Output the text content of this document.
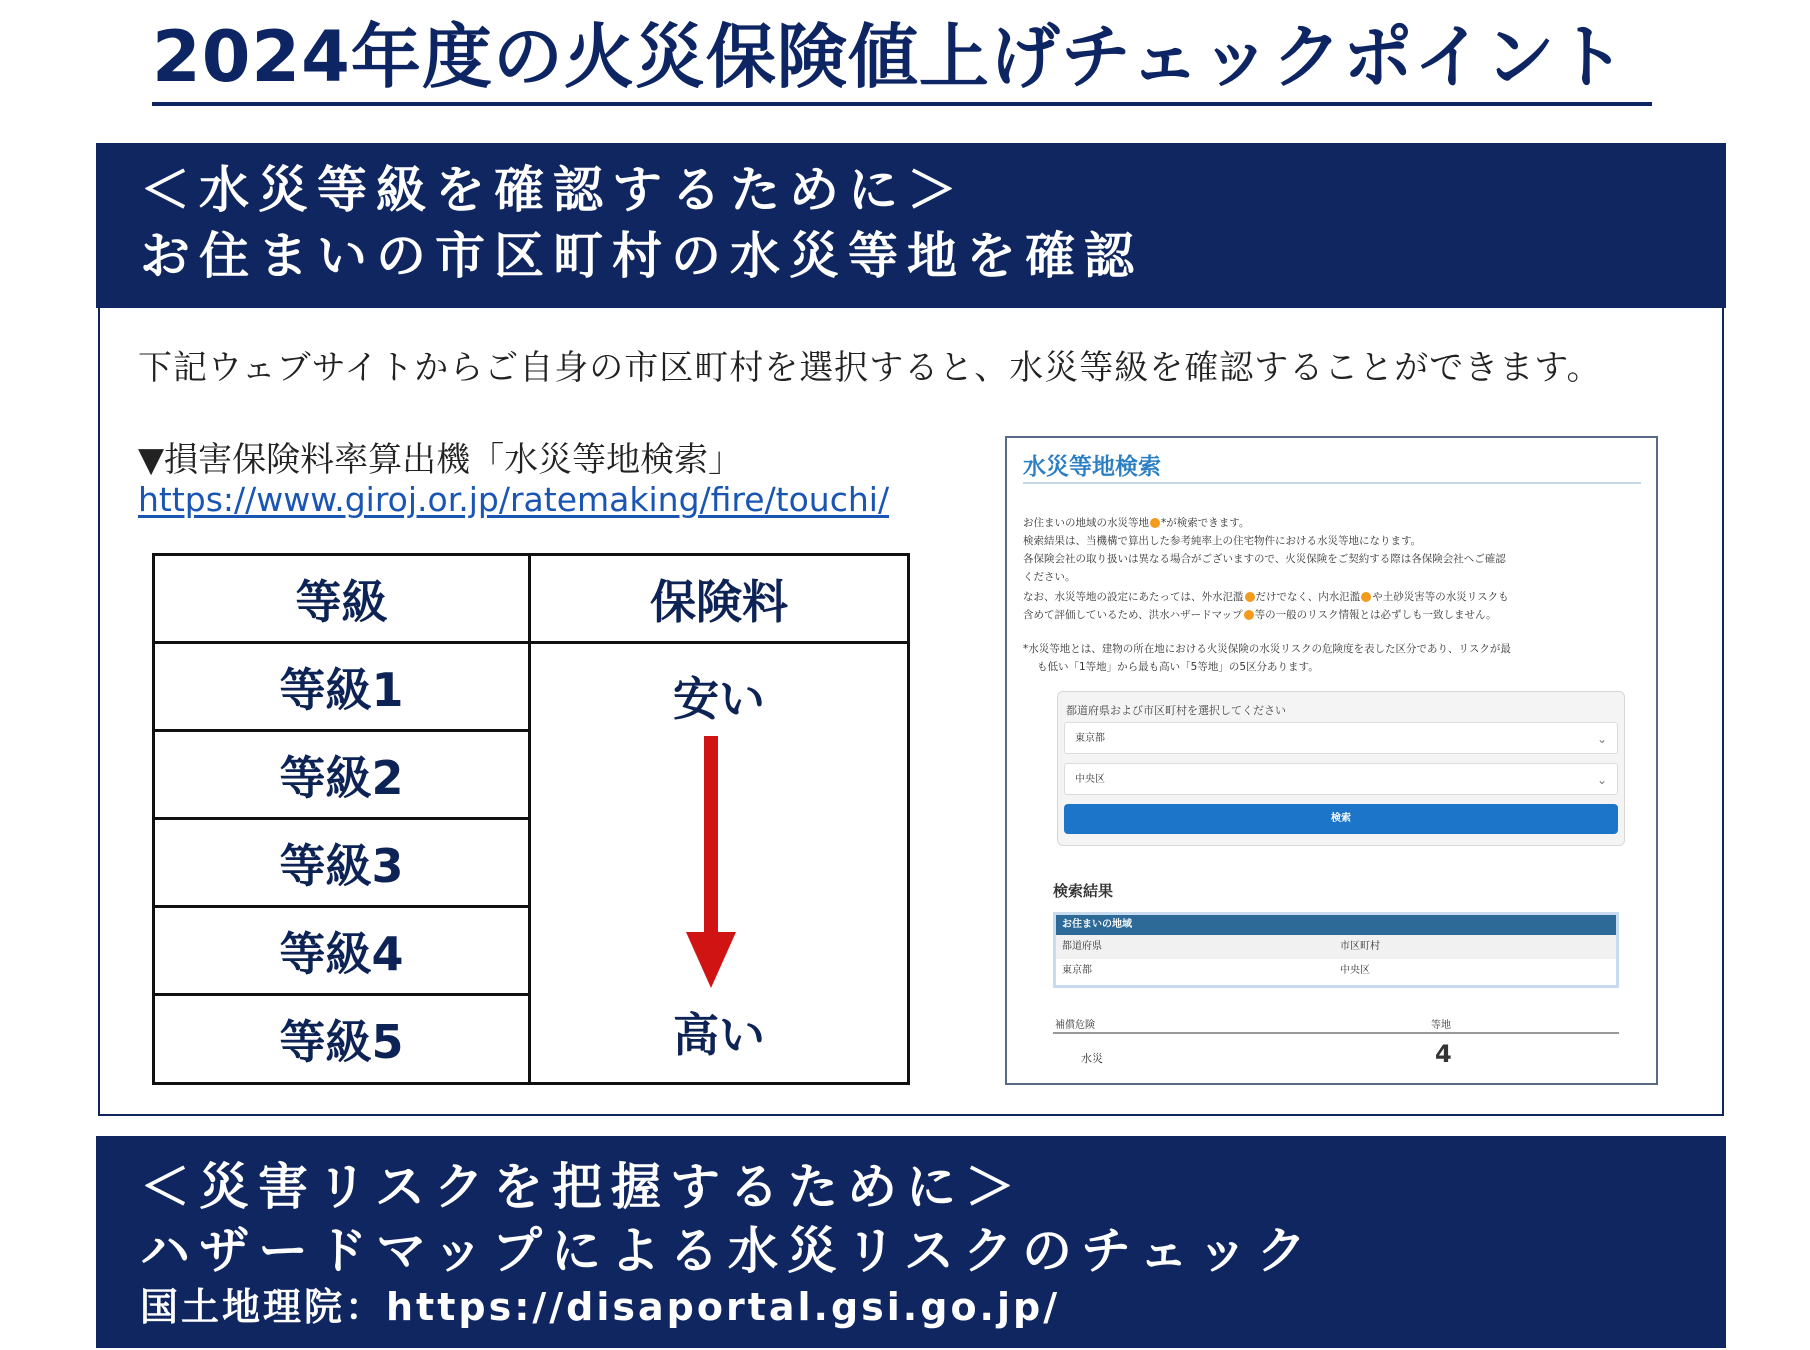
2024年度の火災保険値上げチェックポイント
＜水災等級を確認するために＞
お住まいの市区町村の水災等地を確認
下記ウェブサイトからご自身の市区町村を選択すると、水災等級を確認することができます。
▼損害保険料率算出機「水災等地検索」
https://www.giroj.or.jp/ratemaking/fire/touchi/
等級	保険料
等級1
等級2
等級3
等級4
等級5
安い
高い
水災等地検索
お住まいの地域の水災等地 *が検索できます。
検索結果は、当機構で算出した参考純率上の住宅物件における水災等地になります。
各保険会社の取り扱いは異なる場合がございますので、火災保険をご契約する際は各保険会社へご確認
ください。
なお、水災等地の設定にあたっては、外水氾濫 だけでなく、内水氾濫 や土砂災害等の水災リスクも
含めて評価しているため、洪水ハザードマップ 等の一般のリスク情報とは必ずしも一致しません。
*水災等地とは、建物の所在地における火災保険の水災リスクの危険度を表した区分であり、リスクが最
も低い「1等地」から最も高い「5等地」の5区分あります。
都道府県および市区町村を選択してください
東京都	⌄
中央区	⌄
検索
検索結果
お住まいの地域
都道府県	市区町村
東京都	中央区
補償危険	等地
水災	4
＜災害リスクを把握するために＞
ハザードマップによる水災リスクのチェック
国土地理院：https://disaportal.gsi.go.jp/
